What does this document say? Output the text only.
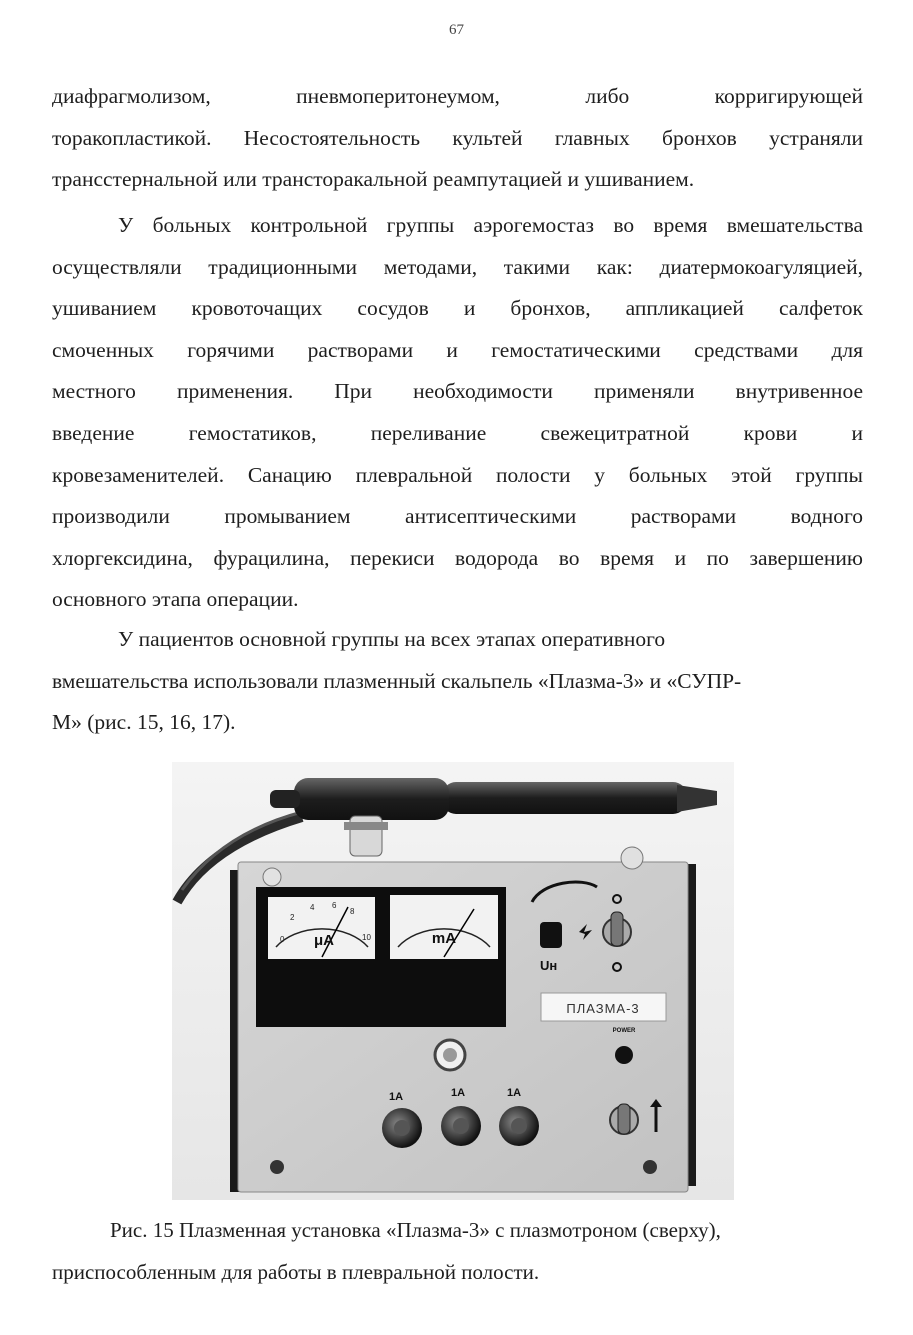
67
диафрагмолизом, пневмоперитонеумом, либо корригирующей
торакопластикой. Несостоятельность культей главных бронхов устраняли
трансстернальной или трансторакальной реампутацией и ушиванием.
У больных контрольной группы аэрогемостаз во время вмешательства
осуществляли традиционными методами, такими как: диатермокоагуляцией,
ушиванием кровоточащих сосудов и бронхов, аппликацией салфеток
смоченных горячими растворами и гемостатическими средствами для
местного применения. При необходимости применяли внутривенное
введение гемостатиков, переливание свежецитратной крови и
кровезаменителей. Санацию плевральной полости у больных этой группы
производили промыванием антисептическими растворами водного
хлоргексидина, фурацилина, перекиси водорода во время и по завершению
основного этапа операции.
У пациентов основной группы на всех этапах оперативного
вмешательства использовали плазменный скальпель «Плазма-3» и «СУПР-
М» (рис. 15, 16, 17).
μA	mA
0
2
4 6
8
10
Uн
ПЛАЗМА-3
POWER
1A	1A	1A
Рис. 15 Плазменная установка «Плазма-3» с плазмотроном (сверху),
приспособленным для работы в плевральной полости.
